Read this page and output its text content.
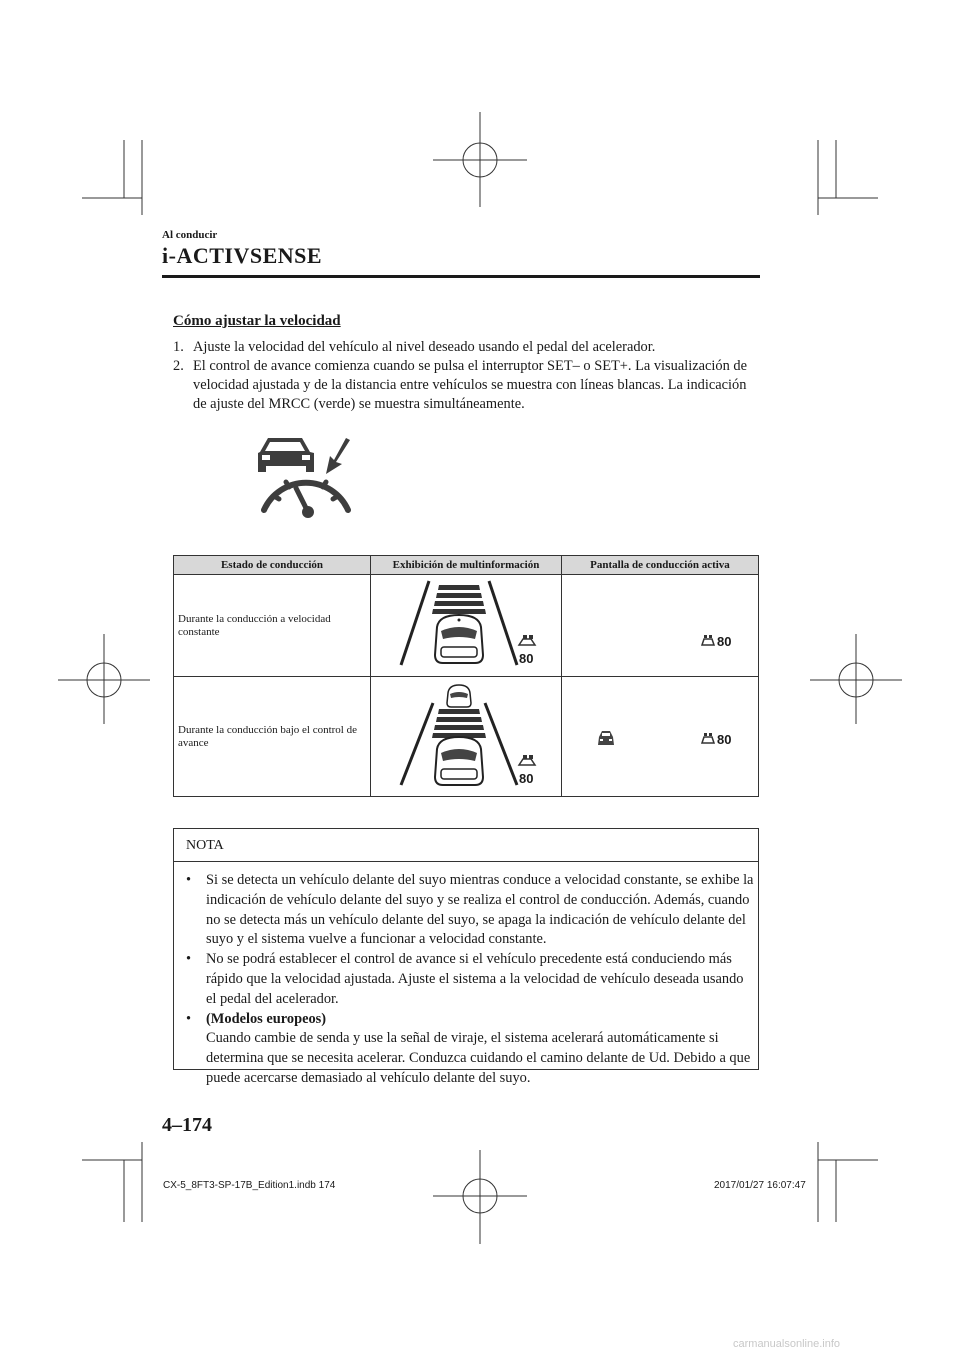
Al conducir
i-ACTIVSENSE
Cómo ajustar la velocidad
1. Ajuste la velocidad del vehículo al nivel deseado usando el pedal del acelerador.
2. El control de avance comienza cuando se pulsa el interruptor SET– o SET+. La visualización de velocidad ajustada y de la distancia entre vehículos se muestra con líneas blancas. La indicación de ajuste del MRCC (verde) se muestra simultáneamente.
Estado de conducción	Exhibición de multinformación	Pantalla de conducción activa
Durante la conducción a velocidad constante	80	80

Durante la conducción bajo el control de avance	80	80
NOTA
•	Si se detecta un vehículo delante del suyo mientras conduce a velocidad constante, se exhibe la indicación de vehículo delante del suyo y se realiza el control de conducción. Además, cuando no se detecta más un vehículo delante del suyo, se apaga la indicación de vehículo delante del suyo y el sistema vuelve a funcionar a velocidad constante.
•	No se podrá establecer el control de avance si el vehículo precedente está conduciendo más rápido que la velocidad ajustada. Ajuste el sistema a la velocidad de vehículo deseada usando el pedal del acelerador.
•	(Modelos europeos)
Cuando cambie de senda y use la señal de viraje, el sistema acelerará automáticamente si determina que se necesita acelerar. Conduzca cuidando el camino delante de Ud. Debido a que puede acercarse demasiado al vehículo delante del suyo.
4–174
CX-5_8FT3-SP-17B_Edition1.indb 174	2017/01/27 16:07:47
carmanualsonline.info
